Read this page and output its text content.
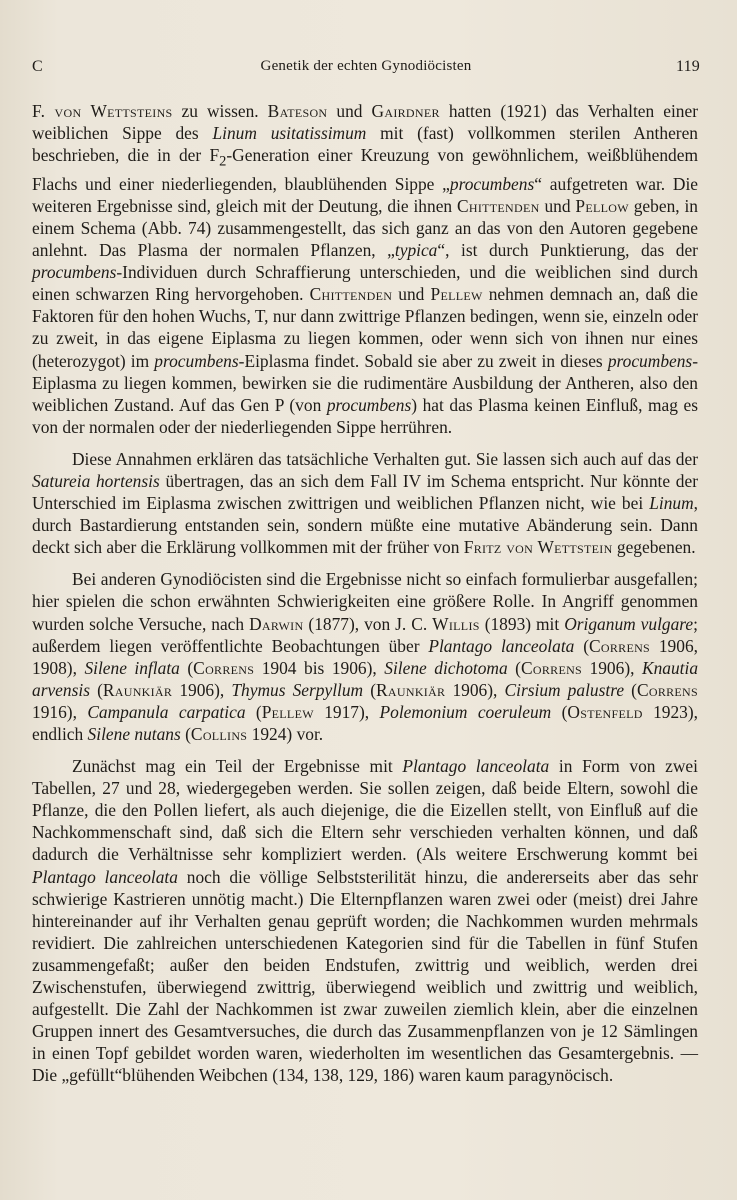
C	Genetik der echten Gynodiöcisten	119

F. von Wettsteins zu wissen. Bateson und Gairdner hatten (1921) das Verhalten einer weiblichen Sippe des Linum usitatissimum mit (fast) vollkommen sterilen Antheren beschrieben, die in der $F_2$-Generation einer Kreuzung von gewöhnlichem, weißblühendem Flachs und einer niederliegenden, blaublühenden Sippe „procumbens“ aufgetreten war. Die weiteren Ergebnisse sind, gleich mit der Deutung, die ihnen Chittenden und Pellow geben, in einem Schema (Abb. 74) zusammengestellt, das sich ganz an das von den Autoren gegebene anlehnt. Das Plasma der normalen Pflanzen, „typica“, ist durch Punktierung, das der procumbens-Individuen durch Schraffierung unterschieden, und die weiblichen sind durch einen schwarzen Ring hervorgehoben. Chittenden und Pellew nehmen demnach an, daß die Faktoren für den hohen Wuchs, T, nur dann zwittrige Pflanzen bedingen, wenn sie, einzeln oder zu zweit, in das eigene Eiplasma zu liegen kommen, oder wenn sich von ihnen nur eines (heterozygot) im procumbens-Eiplasma findet. Sobald sie aber zu zweit in dieses procumbens-Eiplasma zu liegen kommen, bewirken sie die rudimentäre Ausbildung der Antheren, also den weiblichen Zustand. Auf das Gen P (von procumbens) hat das Plasma keinen Einfluß, mag es von der normalen oder der niederliegenden Sippe herrühren.

Diese Annahmen erklären das tatsächliche Verhalten gut. Sie lassen sich auch auf das der Satureia hortensis übertragen, das an sich dem Fall IV im Schema entspricht. Nur könnte der Unterschied im Eiplasma zwischen zwittrigen und weiblichen Pflanzen nicht, wie bei Linum, durch Bastardierung entstanden sein, sondern müßte eine mutative Abänderung sein. Dann deckt sich aber die Erklärung vollkommen mit der früher von Fritz von Wettstein gegebenen.

Bei anderen Gynodiöcisten sind die Ergebnisse nicht so einfach formulierbar ausgefallen; hier spielen die schon erwähnten Schwierigkeiten eine größere Rolle. In Angriff genommen wurden solche Versuche, nach Darwin (1877), von J. C. Willis (1893) mit Origanum vulgare; außerdem liegen veröffentlichte Beobachtungen über Plantago lanceolata (Correns 1906, 1908), Silene inflata (Correns 1904 bis 1906), Silene dichotoma (Correns 1906), Knautia arvensis (Raunkiär 1906), Thymus Serpyllum (Raunkiär 1906), Cirsium palustre (Correns 1916), Campanula carpatica (Pellew 1917), Polemonium coeruleum (Ostenfeld 1923), endlich Silene nutans (Collins 1924) vor.

Zunächst mag ein Teil der Ergebnisse mit Plantago lanceolata in Form von zwei Tabellen, 27 und 28, wiedergegeben werden. Sie sollen zeigen, daß beide Eltern, sowohl die Pflanze, die den Pollen liefert, als auch diejenige, die die Eizellen stellt, von Einfluß auf die Nachkommenschaft sind, daß sich die Eltern sehr verschieden verhalten können, und daß dadurch die Verhältnisse sehr kompliziert werden. (Als weitere Erschwerung kommt bei Plantago lanceolata noch die völlige Selbststerilität hinzu, die andererseits aber das sehr schwierige Kastrieren unnötig macht.) Die Elternpflanzen waren zwei oder (meist) drei Jahre hintereinander auf ihr Verhalten genau geprüft worden; die Nachkommen wurden mehrmals revidiert. Die zahlreichen unterschiedenen Kategorien sind für die Tabellen in fünf Stufen zusammengefaßt; außer den beiden Endstufen, zwittrig und weiblich, werden drei Zwischenstufen, überwiegend zwittrig, überwiegend weiblich und zwittrig und weiblich, aufgestellt. Die Zahl der Nachkommen ist zwar zuweilen ziemlich klein, aber die einzelnen Gruppen innert des Gesamtversuches, die durch das Zusammenpflanzen von je 12 Sämlingen in einen Topf gebildet worden waren, wiederholten im wesentlichen das Gesamtergebnis. — Die „gefüllt“blühenden Weibchen (134, 138, 129, 186) waren kaum paragynöcisch.
